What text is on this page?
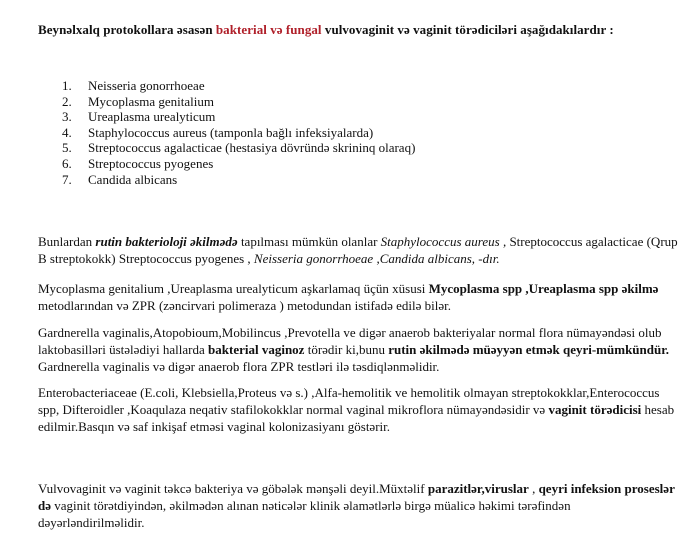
Beynəlxalq protokollara əsasən bakterial və fungal vulvovaginit və vaginit törədiciləri aşağıdakılardır :
1.	Neisseria gonorrhoeae
2.	Mycoplasma genitalium
3.	Ureaplasma urealyticum
4.	Staphylococcus aureus (tamponla bağlı infeksiyalarda)
5.	Streptococcus agalacticae (hestasiya dövründə skrininq olaraq)
6.	Streptococcus pyogenes
7.	Candida albicans

Bunlardan rutin bakterioloji əkilmədə tapılması mümkün olanlar Staphylococcus aureus , Streptococcus agalacticae (Qrup B streptokokk) Streptococcus pyogenes , Neisseria gonorrhoeae ,Candida albicans, -dır.

Mycoplasma genitalium ,Ureaplasma urealyticum aşkarlamaq üçün xüsusi Mycoplasma spp ,Ureaplasma spp əkilmə metodlarından və ZPR (zəncirvari polimeraza ) metodundan istifadə edilə bilər.

Gardnerella vaginalis,Atopobioum,Mobilincus ,Prevotella ve digər anaerob bakteriyalar normal flora nümayəndəsi olub laktobasilləri üstələdiyi hallarda bakterial vaginoz törədir ki,bunu rutin əkilmədə müəyyən etmək qeyri-mümkündür. Gardnerella vaginalis və digər anaerob flora ZPR testləri ilə təsdiqlənməlidir.

Enterobacteriaceae (E.coli, Klebsiella,Proteus və s.) ,Alfa-hemolitik ve hemolitik olmayan streptokokklar,Enterococcus spp, Difteroidler ,Koaqulaza neqativ stafilokokklar normal vaginal mikroflora nümayəndəsidir və vaginit törədicisi hesab edilmir.Basqın və saf inkişaf etməsi vaginal kolonizasiyanı göstərir.

Vulvovaginit və vaginit təkcə bakteriya və göbələk mənşəli deyil.Müxtəlif parazitlər,viruslar , qeyri infeksion prosеslər də vaginit törətdiyindən, əkilmədən alınan nəticələr klinik əlamətlərlə birgə müalicə həkimi tərəfindən dəyərləndirilməlidir.
